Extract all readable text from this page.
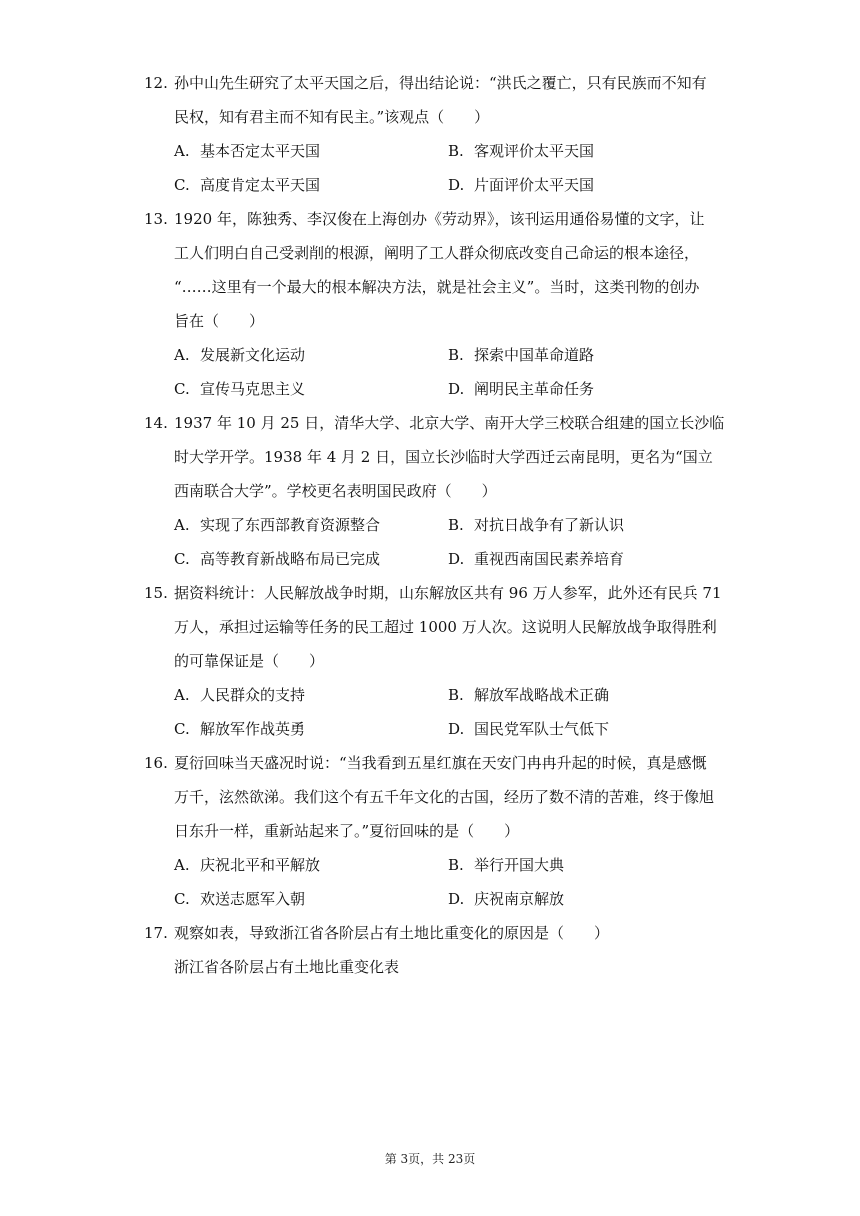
12. 孙中山先生研究了太平天国之后，得出结论说：“洪氏之覆亡，只有民族而不知有
民权，知有君主而不知有民主。”该观点（　　）
A. 基本否定太平天国	B. 客观评价太平天国
C. 高度肯定太平天国	D. 片面评价太平天国
13. 1920 年，陈独秀、李汉俊在上海创办《劳动界》，该刊运用通俗易懂的文字，让
工人们明白自己受剥削的根源，阐明了工人群众彻底改变自己命运的根本途径，
“……这里有一个最大的根本解决方法，就是社会主义”。当时，这类刊物的创办
旨在（　　）
A. 发展新文化运动	B. 探索中国革命道路
C. 宣传马克思主义	D. 阐明民主革命任务
14. 1937 年 10 月 25 日，清华大学、北京大学、南开大学三校联合组建的国立长沙临
时大学开学。1938 年 4 月 2 日，国立长沙临时大学西迁云南昆明，更名为“国立
西南联合大学”。学校更名表明国民政府（　　）
A. 实现了东西部教育资源整合	B. 对抗日战争有了新认识
C. 高等教育新战略布局已完成	D. 重视西南国民素养培育
15. 据资料统计：人民解放战争时期，山东解放区共有 96 万人参军，此外还有民兵 71
万人，承担过运输等任务的民工超过 1000 万人次。这说明人民解放战争取得胜利
的可靠保证是（　　）
A. 人民群众的支持	B. 解放军战略战术正确
C. 解放军作战英勇	D. 国民党军队士气低下
16. 夏衍回味当天盛况时说：“当我看到五星红旗在天安门冉冉升起的时候，真是感慨
万千，泫然欲涕。我们这个有五千年文化的古国，经历了数不清的苦难，终于像旭
日东升一样，重新站起来了。”夏衍回味的是（　　）
A. 庆祝北平和平解放	B. 举行开国大典
C. 欢送志愿军入朝	D. 庆祝南京解放
17. 观察如表，导致浙江省各阶层占有土地比重变化的原因是（　　）
浙江省各阶层占有土地比重变化表
第 3页，共 23页
